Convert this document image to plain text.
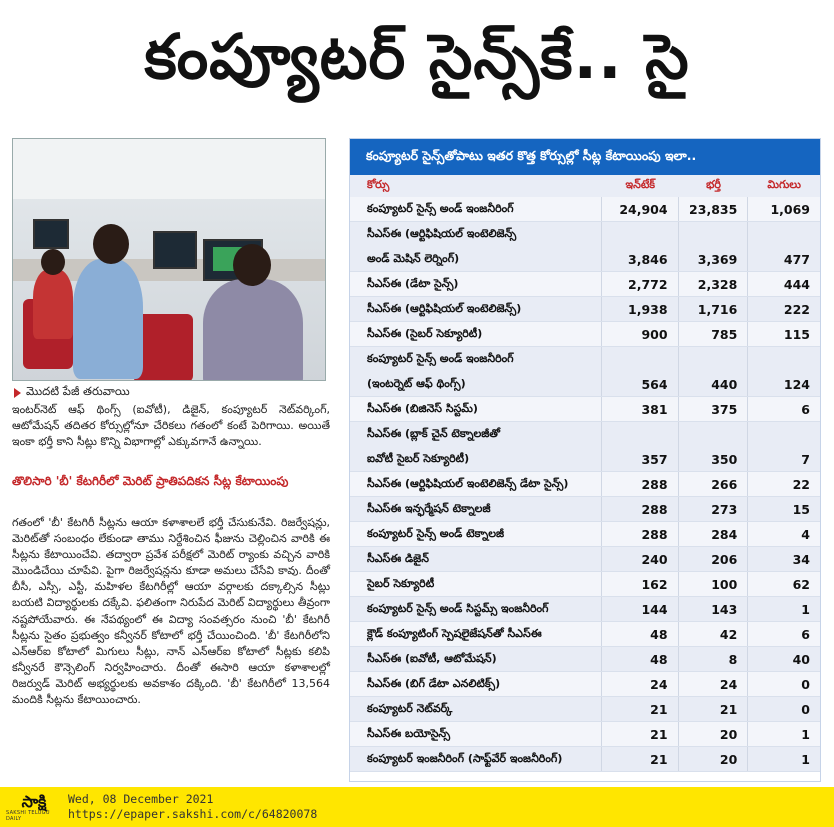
కంప్యూటర్ సైన్స్‌కే.. సై
మొదటి పేజీ తరువాయి
ఇంటర్‌నెట్ ఆఫ్ థింగ్స్ (ఐవోటీ), డిజైన్, కంప్యూటర్ నెట్‌వర్కింగ్, ఆటోమేషన్ తదితర కోర్సుల్లోనూ చేరికలు గతంలో కంటే పెరిగాయి. అయితే ఇంకా భర్తీ కాని సీట్లు కొన్ని విభాగాల్లో ఎక్కువగానే ఉన్నాయి.
తొలిసారి 'బీ' కేటగిరీలో మెరిట్ ప్రాతిపదికన సీట్ల కేటాయింపు
గతంలో 'బీ' కేటగిరీ సీట్లను ఆయా కళాశాలలే భర్తీ చేసుకునేవి. రిజర్వేషన్లు, మెరిట్‌తో సంబంధం లేకుండా తాము నిర్దేశించిన ఫీజును చెల్లించిన వారికి ఈ సీట్లను కేటాయించేవి. తద్వారా ప్రవేశ పరీక్షలో మెరిట్ ర్యాంకు వచ్చిన వారికి మొండిచేయి చూపేవి. పైగా రిజర్వేషన్లను కూడా అమలు చేసేవి కావు. దీంతో బీసీ, ఎస్సీ, ఎస్టీ, మహిళల కేటగిరీల్లో ఆయా వర్గాలకు దక్కాల్సిన సీట్లు బయటి విద్యార్థులకు దక్కేవి. ఫలితంగా నిరుపేద మెరిట్ విద్యార్థులు తీవ్రంగా నష్టపోయేవారు. ఈ నేపథ్యంలో ఈ విద్యా సంవత్సరం నుంచి 'బీ' కేటగిరీ సీట్లను సైతం ప్రభుత్వం కన్వీనర్ కోటాలో భర్తీ చేయించింది. 'బీ' కేటగిరీలోని ఎన్‌ఆర్‌ఐ కోటాలో మిగులు సీట్లు, నాన్ ఎన్‌ఆర్‌ఐ కోటాలో సీట్లకు కలిపి కన్వీనరే కౌన్సెలింగ్ నిర్వహించారు. దీంతో ఈసారి ఆయా కళాశాలల్లో రిజర్వుడ్ మెరిట్ అభ్యర్థులకు అవకాశం దక్కింది. 'బీ' కేటగిరీలో 13,564 మందికి సీట్లను కేటాయించారు.
కంప్యూటర్ సైన్స్‌తోపాటు ఇతర కొత్త కోర్సుల్లో సీట్ల కేటాయింపు ఇలా..
కోర్సు	ఇన్‌టేక్	భర్తీ	మిగులు
కంప్యూటర్ సైన్స్ అండ్ ఇంజనీరింగ్	24,904	23,835	1,069
సీఎస్ఈ (ఆర్టిఫిషియల్ ఇంటెలిజెన్స్
అండ్ మెషిన్ లెర్నింగ్)	3,846	3,369	477
సీఎస్ఈ (డేటా సైన్స్)	2,772	2,328	444
సీఎస్ఈ (ఆర్టిఫిషియల్ ఇంటెలిజెన్స్)	1,938	1,716	222
సీఎస్ఈ (సైబర్ సెక్యూరిటీ)	900	785	115
కంప్యూటర్ సైన్స్ అండ్ ఇంజనీరింగ్
(ఇంటర్నెట్ ఆఫ్ థింగ్స్)	564	440	124
సీఎస్ఈ (బిజినెస్ సిస్టమ్)	381	375	6
సీఎస్ఈ (బ్లాక్ చైన్ టెక్నాలజీతో
ఐవోటీ సైబర్ సెక్యూరిటీ)	357	350	7
సీఎస్ఈ (ఆర్టిఫిషియల్ ఇంటెలిజెన్స్ డేటా సైన్స్)	288	266	22
సీఎస్ఈ ఇన్ఫర్మేషన్ టెక్నాలజీ	288	273	15
కంప్యూటర్ సైన్స్ అండ్ టెక్నాలజీ	288	284	4
సీఎస్ఈ డిజైన్	240	206	34
సైబర్ సెక్యూరిటీ	162	100	62
కంప్యూటర్ సైన్స్ అండ్ సిస్టమ్స్ ఇంజనీరింగ్	144	143	1
క్లౌడ్ కంప్యూటింగ్ స్పెషలైజేషన్‌తో సీఎస్ఈ	48	42	6
సీఎస్ఈ (ఐవోటీ, ఆటోమేషన్)	48	8	40
సీఎస్ఈ (బిగ్ డేటా ఎనలిటిక్స్)	24	24	0
కంప్యూటర్ నెట్‌వర్క్	21	21	0
సీఎస్ఈ బయోసైన్స్	21	20	1
కంప్యూటర్ ఇంజనీరింగ్ (సాఫ్ట్‌వేర్ ఇంజనీరింగ్)	21	20	1
సాక్షి
SAKSHI TELUGU DAILY
Wed, 08 December 2021
https://epaper.sakshi.com/c/64820078
